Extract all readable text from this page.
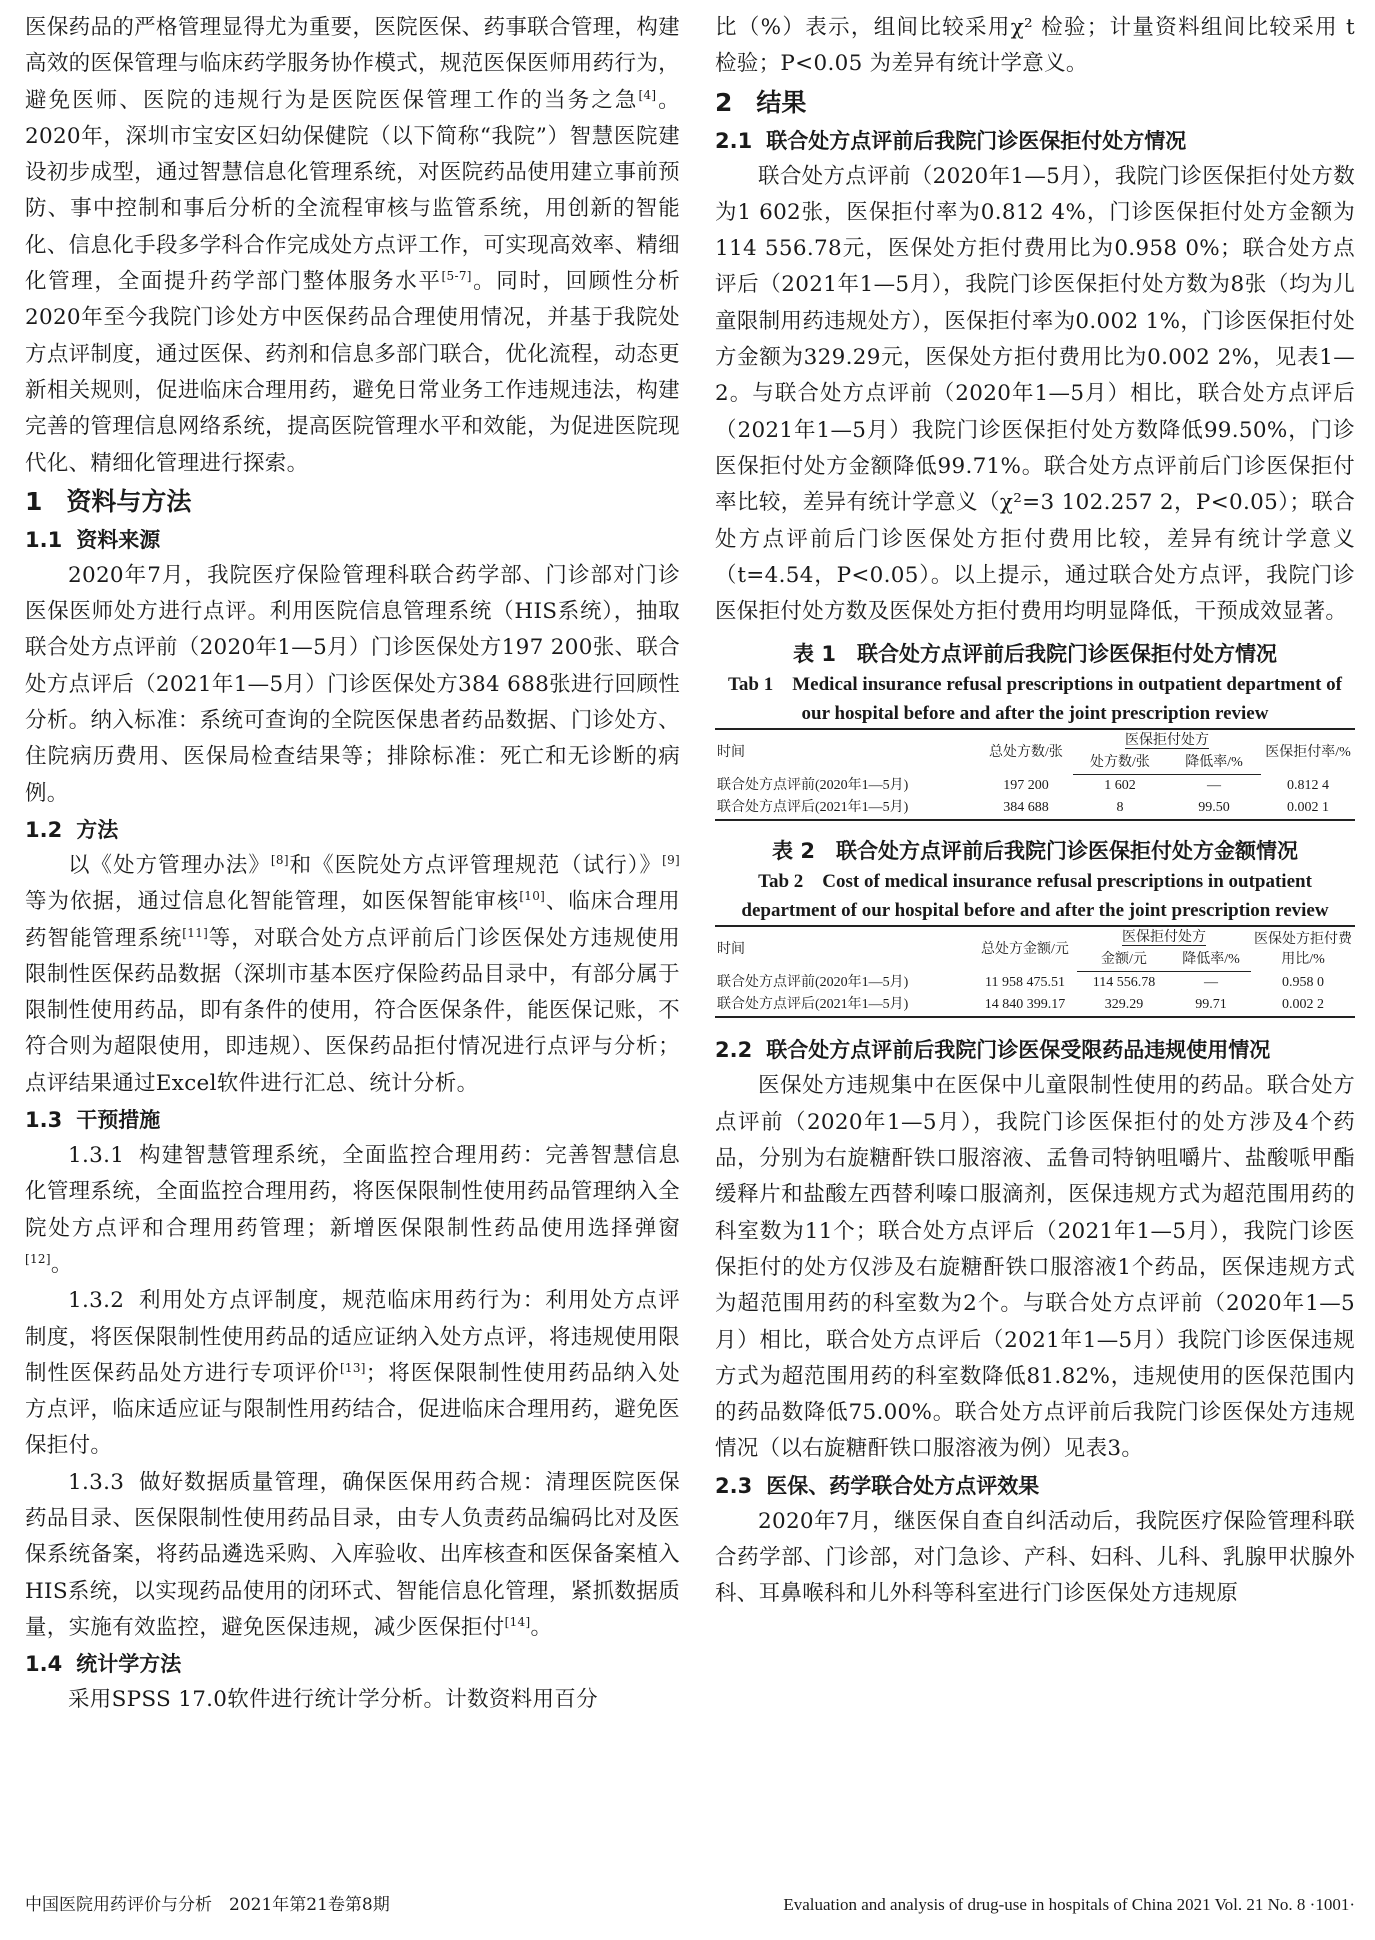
医保药品的严格管理显得尤为重要，医院医保、药事联合管理，构建高效的医保管理与临床药学服务协作模式，规范医保医师用药行为，避免医师、医院的违规行为是医院医保管理工作的当务之急[4]。2020年，深圳市宝安区妇幼保健院（以下简称“我院”）智慧医院建设初步成型，通过智慧信息化管理系统，对医院药品使用建立事前预防、事中控制和事后分析的全流程审核与监管系统，用创新的智能化、信息化手段多学科合作完成处方点评工作，可实现高效率、精细化管理，全面提升药学部门整体服务水平[5-7]。同时，回顾性分析2020年至今我院门诊处方中医保药品合理使用情况，并基于我院处方点评制度，通过医保、药剂和信息多部门联合，优化流程，动态更新相关规则，促进临床合理用药，避免日常业务工作违规违法，构建完善的管理信息网络系统，提高医院管理水平和效能，为促进医院现代化、精细化管理进行探索。

1 资料与方法
1.1 资料来源

2020年7月，我院医疗保险管理科联合药学部、门诊部对门诊医保医师处方进行点评。利用医院信息管理系统（HIS系统），抽取联合处方点评前（2020年1—5月）门诊医保处方197 200张、联合处方点评后（2021年1—5月）门诊医保处方384 688张进行回顾性分析。纳入标准：系统可查询的全院医保患者药品数据、门诊处方、住院病历费用、医保局检查结果等；排除标准：死亡和无诊断的病例。

1.2 方法

以《处方管理办法》[8]和《医院处方点评管理规范（试行）》[9]等为依据，通过信息化智能管理，如医保智能审核[10]、临床合理用药智能管理系统[11]等，对联合处方点评前后门诊医保处方违规使用限制性医保药品数据（深圳市基本医疗保险药品目录中，有部分属于限制性使用药品，即有条件的使用，符合医保条件，能医保记账，不符合则为超限使用，即违规）、医保药品拒付情况进行点评与分析；点评结果通过Excel软件进行汇总、统计分析。

1.3 干预措施

1.3.1 构建智慧管理系统，全面监控合理用药：完善智慧信息化管理系统，全面监控合理用药，将医保限制性使用药品管理纳入全院处方点评和合理用药管理；新增医保限制性药品使用选择弹窗[12]。

1.3.2 利用处方点评制度，规范临床用药行为：利用处方点评制度，将医保限制性使用药品的适应证纳入处方点评，将违规使用限制性医保药品处方进行专项评价[13]；将医保限制性使用药品纳入处方点评，临床适应证与限制性用药结合，促进临床合理用药，避免医保拒付。

1.3.3 做好数据质量管理，确保医保用药合规：清理医院医保药品目录、医保限制性使用药品目录，由专人负责药品编码比对及医保系统备案，将药品遴选采购、入库验收、出库核查和医保备案植入HIS系统，以实现药品使用的闭环式、智能信息化管理，紧抓数据质量，实施有效监控，避免医保违规，减少医保拒付[14]。

1.4 统计学方法

采用SPSS 17.0软件进行统计学分析。计数资料用百分

比（%）表示，组间比较采用χ² 检验；计量资料组间比较采用 t 检验；P<0.05 为差异有统计学意义。

2 结果
2.1 联合处方点评前后我院门诊医保拒付处方情况

联合处方点评前（2020年1—5月），我院门诊医保拒付处方数为1 602张，医保拒付率为0.812 4%，门诊医保拒付处方金额为114 556.78元，医保处方拒付费用比为0.958 0%；联合处方点评后（2021年1—5月），我院门诊医保拒付处方数为8张（均为儿童限制用药违规处方），医保拒付率为0.002 1%，门诊医保拒付处方金额为329.29元，医保处方拒付费用比为0.002 2%，见表1—2。与联合处方点评前（2020年1—5月）相比，联合处方点评后（2021年1—5月）我院门诊医保拒付处方数降低99.50%，门诊医保拒付处方金额降低99.71%。联合处方点评前后门诊医保拒付率比较，差异有统计学意义（χ²=3 102.257 2，P<0.05）；联合处方点评前后门诊医保处方拒付费用比较，差异有统计学意义（t=4.54，P<0.05）。以上提示，通过联合处方点评，我院门诊医保拒付处方数及医保处方拒付费用均明显降低，干预成效显著。

表 1　联合处方点评前后我院门诊医保拒付处方情况
Tab 1　Medical insurance refusal prescriptions in outpatient department of our hospital before and after the joint prescription review
时间	总处方数/张	医保拒付处方		医保拒付率/%
		处方数/张	降低率/%	
联合处方点评前(2020年1—5月)	197 200	1 602	—	0.812 4
联合处方点评后(2021年1—5月)	384 688	8	99.50	0.002 1
表 2　联合处方点评前后我院门诊医保拒付处方金额情况
Tab 2　Cost of medical insurance refusal prescriptions in outpatient department of our hospital before and after the joint prescription review
时间	总处方金额/元	医保拒付处方		医保处方拒付费用比/%
		金额/元	降低率/%	
联合处方点评前(2020年1—5月)	11 958 475.51	114 556.78	—	0.958 0
联合处方点评后(2021年1—5月)	14 840 399.17	329.29	99.71	0.002 2
2.2 联合处方点评前后我院门诊医保受限药品违规使用情况

医保处方违规集中在医保中儿童限制性使用的药品。联合处方点评前（2020年1—5月），我院门诊医保拒付的处方涉及4个药品，分别为右旋糖酐铁口服溶液、孟鲁司特钠咀嚼片、盐酸哌甲酯缓释片和盐酸左西替利嗪口服滴剂，医保违规方式为超范围用药的科室数为11个；联合处方点评后（2021年1—5月），我院门诊医保拒付的处方仅涉及右旋糖酐铁口服溶液1个药品，医保违规方式为超范围用药的科室数为2个。与联合处方点评前（2020年1—5月）相比，联合处方点评后（2021年1—5月）我院门诊医保违规方式为超范围用药的科室数降低81.82%，违规使用的医保范围内的药品数降低75.00%。联合处方点评前后我院门诊医保处方违规情况（以右旋糖酐铁口服溶液为例）见表3。

2.3 医保、药学联合处方点评效果

2020年7月，继医保自查自纠活动后，我院医疗保险管理科联合药学部、门诊部，对门急诊、产科、妇科、儿科、乳腺甲状腺外科、耳鼻喉科和儿外科等科室进行门诊医保处方违规原

中国医院用药评价与分析　2021年第21卷第8期	Evaluation and analysis of drug-use in hospitals of China 2021 Vol. 21 No. 8 ·1001·
